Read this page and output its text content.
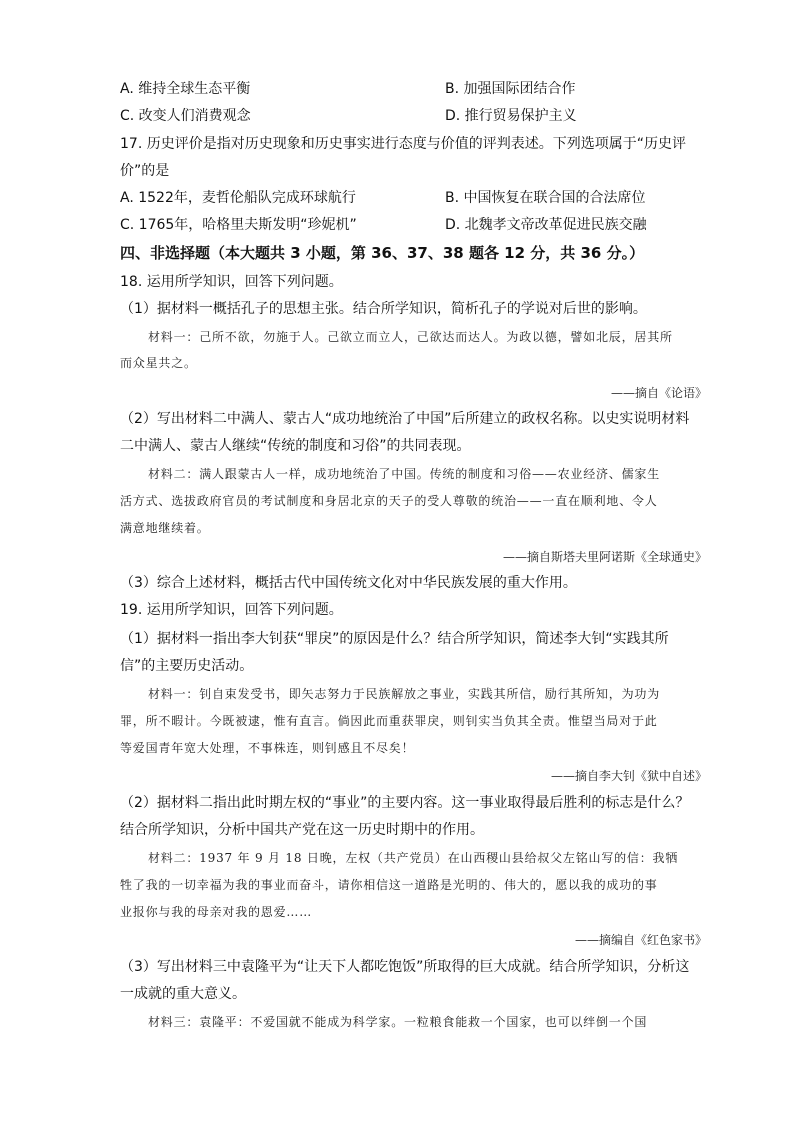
A. 维持全球生态平衡	B. 加强国际团结合作
C. 改变人们消费观念	D. 推行贸易保护主义
17. 历史评价是指对历史现象和历史事实进行态度与价值的评判表述。下列选项属于“历史评
价”的是
A. 1522年，麦哲伦船队完成环球航行	B. 中国恢复在联合国的合法席位
C. 1765年，哈格里夫斯发明“珍妮机”	D. 北魏孝文帝改革促进民族交融
四、非选择题（本大题共 3 小题，第 36、37、38 题各 12 分，共 36 分。）
18. 运用所学知识，回答下列问题。
（1）据材料一概括孔子的思想主张。结合所学知识，简析孔子的学说对后世的影响。
材料一：己所不欲，勿施于人。己欲立而立人，己欲达而达人。为政以德，譬如北辰，居其所
而众星共之。
——摘自《论语》
（2）写出材料二中满人、蒙古人“成功地统治了中国”后所建立的政权名称。以史实说明材料
二中满人、蒙古人继续“传统的制度和习俗”的共同表现。
材料二：满人跟蒙古人一样，成功地统治了中国。传统的制度和习俗——农业经济、儒家生
活方式、选拔政府官员的考试制度和身居北京的天子的受人尊敬的统治——一直在顺利地、令人
满意地继续着。
——摘自斯塔夫里阿诺斯《全球通史》
（3）综合上述材料，概括古代中国传统文化对中华民族发展的重大作用。
19. 运用所学知识，回答下列问题。
（1）据材料一指出李大钊获“罪戾”的原因是什么？结合所学知识，简述李大钊“实践其所
信”的主要历史活动。
材料一：钊自束发受书，即矢志努力于民族解放之事业，实践其所信，励行其所知，为功为
罪，所不暇计。今既被逮，惟有直言。倘因此而重获罪戾，则钊实当负其全责。惟望当局对于此
等爱国青年宽大处理，不事株连，则钊感且不尽矣！
——摘自李大钊《狱中自述》
（2）据材料二指出此时期左权的“事业”的主要内容。这一事业取得最后胜利的标志是什么？
结合所学知识，分析中国共产党在这一历史时期中的作用。
材料二：1937 年 9 月 18 日晚，左权（共产党员）在山西稷山县给叔父左铭山写的信：我牺
牲了我的一切幸福为我的事业而奋斗，请你相信这一道路是光明的、伟大的，愿以我的成功的事
业报你与我的母亲对我的恩爱……
——摘编自《红色家书》
（3）写出材料三中袁隆平为“让天下人都吃饱饭”所取得的巨大成就。结合所学知识，分析这
一成就的重大意义。
材料三：袁隆平：不爱国就不能成为科学家。一粒粮食能救一个国家，也可以绊倒一个国
